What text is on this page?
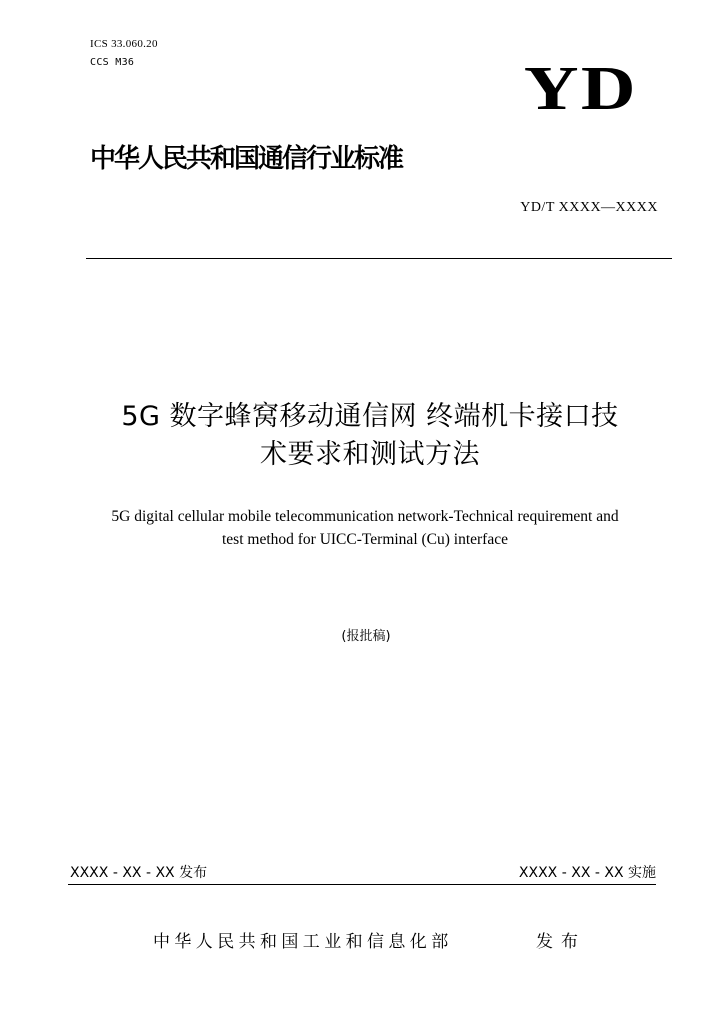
ICS 33.060.20
CCS M36	YD
中华人民共和国通信行业标准
YD/T XXXX—XXXX
5G 数字蜂窝移动通信网 终端机卡接口技
术要求和测试方法
5G digital cellular mobile telecommunication network-Technical requirement and
test method for UICC-Terminal (Cu) interface
(报批稿)
XXXX - XX - XX 发布	XXXX - XX - XX 实施
中华人民共和国工业和信息化部	发布
